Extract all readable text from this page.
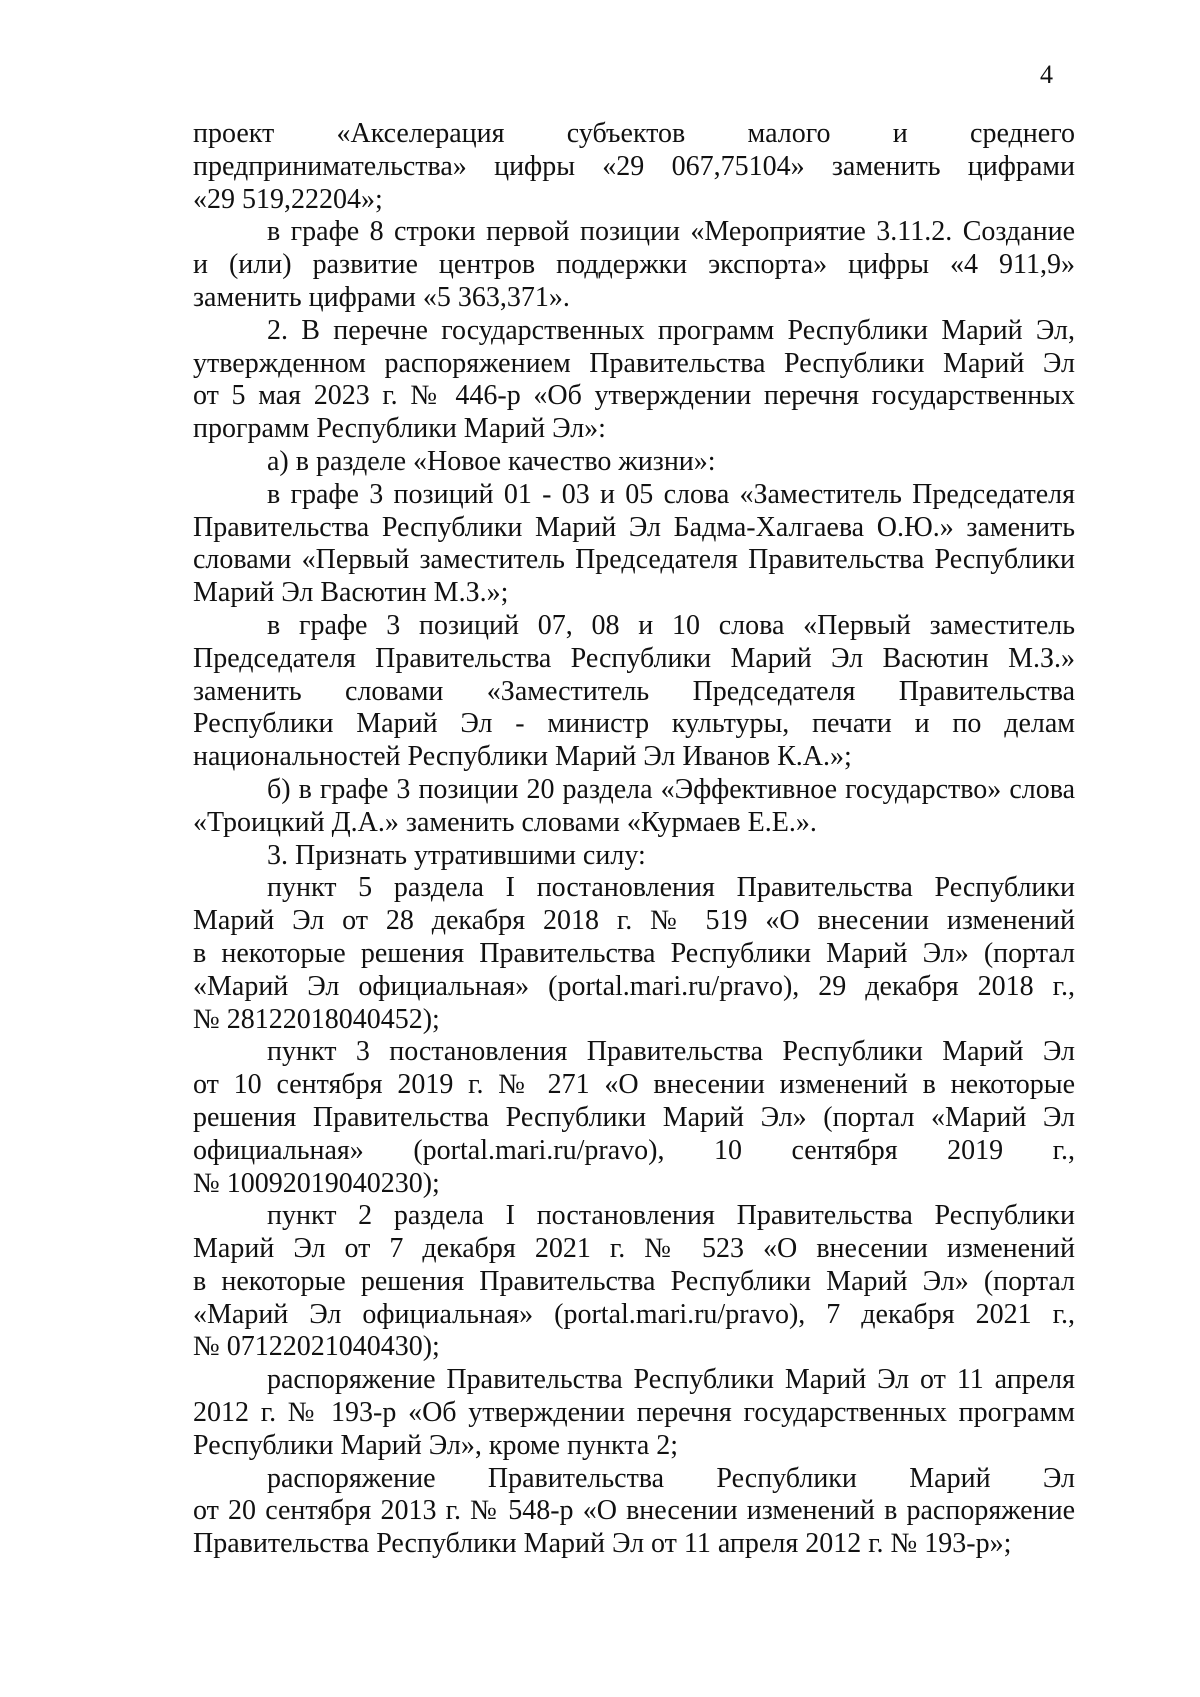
4

проект «Акселерация субъектов малого и среднего
предпринимательства» цифры «29 067,75104» заменить цифрами
«29 519,22204»;

в графе 8 строки первой позиции «Мероприятие 3.11.2. Создание
и (или) развитие центров поддержки экспорта» цифры «4 911,9»
заменить цифрами «5 363,371».

2. В перечне государственных программ Республики Марий Эл,
утвержденном распоряжением Правительства Республики Марий Эл
от 5 мая 2023 г. № 446-р «Об утверждении перечня государственных
программ Республики Марий Эл»:

а) в разделе «Новое качество жизни»:

в графе 3 позиций 01 - 03 и 05 слова «Заместитель Председателя
Правительства Республики Марий Эл Бадма-Халгаева О.Ю.» заменить
словами «Первый заместитель Председателя Правительства Республики
Марий Эл Васютин М.З.»;

в графе 3 позиций 07, 08 и 10 слова «Первый заместитель
Председателя Правительства Республики Марий Эл Васютин М.З.»
заменить словами «Заместитель Председателя Правительства
Республики Марий Эл - министр культуры, печати и по делам
национальностей Республики Марий Эл Иванов К.А.»;

б) в графе 3 позиции 20 раздела «Эффективное государство» слова
«Троицкий Д.А.» заменить словами «Курмаев Е.Е.».

3. Признать утратившими силу:

пункт 5 раздела I постановления Правительства Республики
Марий Эл от 28 декабря 2018 г. № 519 «О внесении изменений
в некоторые решения Правительства Республики Марий Эл» (портал
«Марий Эл официальная» (portal.mari.ru/pravo), 29 декабря 2018 г.,
№ 28122018040452);

пункт 3 постановления Правительства Республики Марий Эл
от 10 сентября 2019 г. № 271 «О внесении изменений в некоторые
решения Правительства Республики Марий Эл» (портал «Марий Эл
официальная» (portal.mari.ru/pravo), 10 сентября 2019 г.,
№ 10092019040230);

пункт 2 раздела I постановления Правительства Республики
Марий Эл от 7 декабря 2021 г. № 523 «О внесении изменений
в некоторые решения Правительства Республики Марий Эл» (портал
«Марий Эл официальная» (portal.mari.ru/pravo), 7 декабря 2021 г.,
№ 07122021040430);

распоряжение Правительства Республики Марий Эл от 11 апреля
2012 г. № 193-р «Об утверждении перечня государственных программ
Республики Марий Эл», кроме пункта 2;

распоряжение Правительства Республики Марий Эл
от 20 сентября 2013 г. № 548-р «О внесении изменений в распоряжение
Правительства Республики Марий Эл от 11 апреля 2012 г. № 193-р»;
